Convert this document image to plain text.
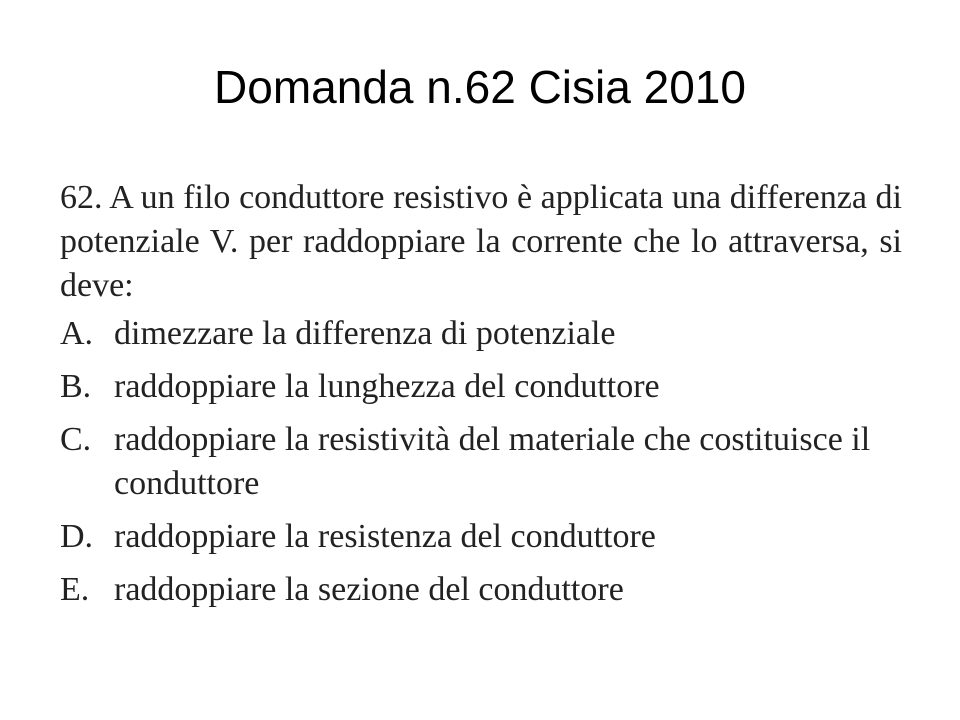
Domanda n.62 Cisia 2010

62. A un filo conduttore resistivo è applicata una differenza di potenziale V. per raddoppiare la corrente che lo attraversa, si deve:

A. dimezzare la differenza di potenziale
B. raddoppiare la lunghezza del conduttore
C. raddoppiare la resistività del materiale che costituisce il conduttore
D. raddoppiare la resistenza del conduttore
E. raddoppiare la sezione del conduttore
